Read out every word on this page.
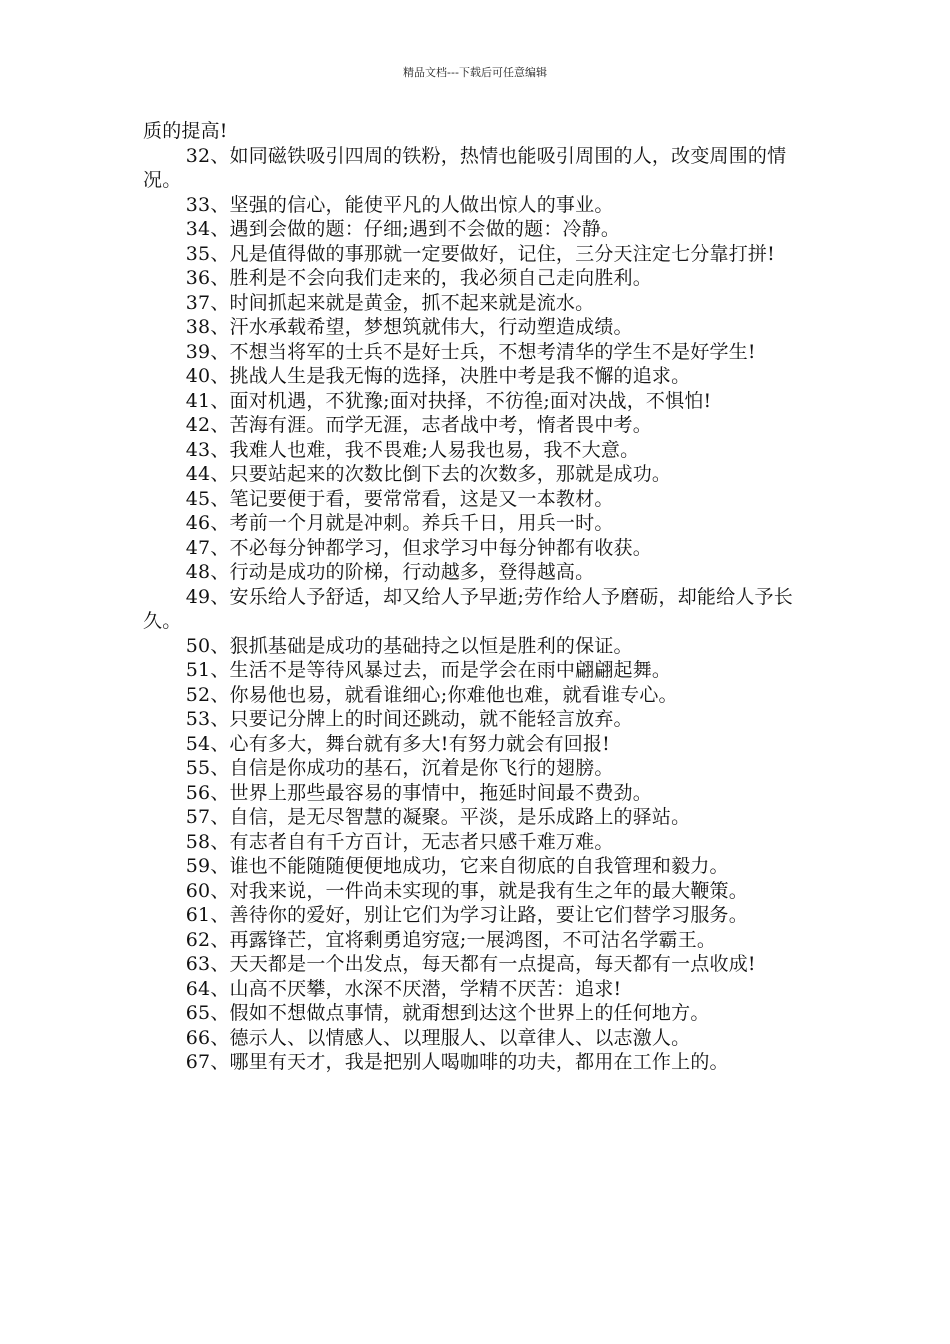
精品文档---下载后可任意编辑

质的提高!

32、如同磁铁吸引四周的铁粉，热情也能吸引周围的人，改变周围的情况。

33、坚强的信心，能使平凡的人做出惊人的事业。

34、遇到会做的题：仔细;遇到不会做的题：冷静。

35、凡是值得做的事那就一定要做好，记住，三分天注定七分靠打拼!

36、胜利是不会向我们走来的，我必须自己走向胜利。

37、时间抓起来就是黄金，抓不起来就是流水。

38、汗水承载希望，梦想筑就伟大，行动塑造成绩。

39、不想当将军的士兵不是好士兵，不想考清华的学生不是好学生!

40、挑战人生是我无悔的选择，决胜中考是我不懈的追求。

41、面对机遇，不犹豫;面对抉择，不彷徨;面对决战，不惧怕!

42、苦海有涯。而学无涯，志者战中考，惰者畏中考。

43、我难人也难，我不畏难;人易我也易，我不大意。

44、只要站起来的次数比倒下去的次数多，那就是成功。

45、笔记要便于看，要常常看，这是又一本教材。

46、考前一个月就是冲刺。养兵千日，用兵一时。

47、不必每分钟都学习，但求学习中每分钟都有收获。

48、行动是成功的阶梯，行动越多，登得越高。

49、安乐给人予舒适，却又给人予早逝;劳作给人予磨砺，却能给人予长久。

50、狠抓基础是成功的基础持之以恒是胜利的保证。

51、生活不是等待风暴过去，而是学会在雨中翩翩起舞。

52、你易他也易，就看谁细心;你难他也难，就看谁专心。

53、只要记分牌上的时间还跳动，就不能轻言放弃。

54、心有多大，舞台就有多大!有努力就会有回报!

55、自信是你成功的基石，沉着是你飞行的翅膀。

56、世界上那些最容易的事情中，拖延时间最不费劲。

57、自信，是无尽智慧的凝聚。平淡，是乐成路上的驿站。

58、有志者自有千方百计，无志者只感千难万难。

59、谁也不能随随便便地成功，它来自彻底的自我管理和毅力。

60、对我来说，一件尚未实现的事，就是我有生之年的最大鞭策。

61、善待你的爱好，别让它们为学习让路，要让它们替学习服务。

62、再露锋芒，宜将剩勇追穷寇;一展鸿图，不可沽名学霸王。

63、天天都是一个出发点，每天都有一点提高，每天都有一点收成!

64、山高不厌攀，水深不厌潜，学精不厌苦：追求!

65、假如不想做点事情，就甭想到达这个世界上的任何地方。

66、德示人、以情感人、以理服人、以章律人、以志激人。

67、哪里有天才，我是把别人喝咖啡的功夫，都用在工作上的。
